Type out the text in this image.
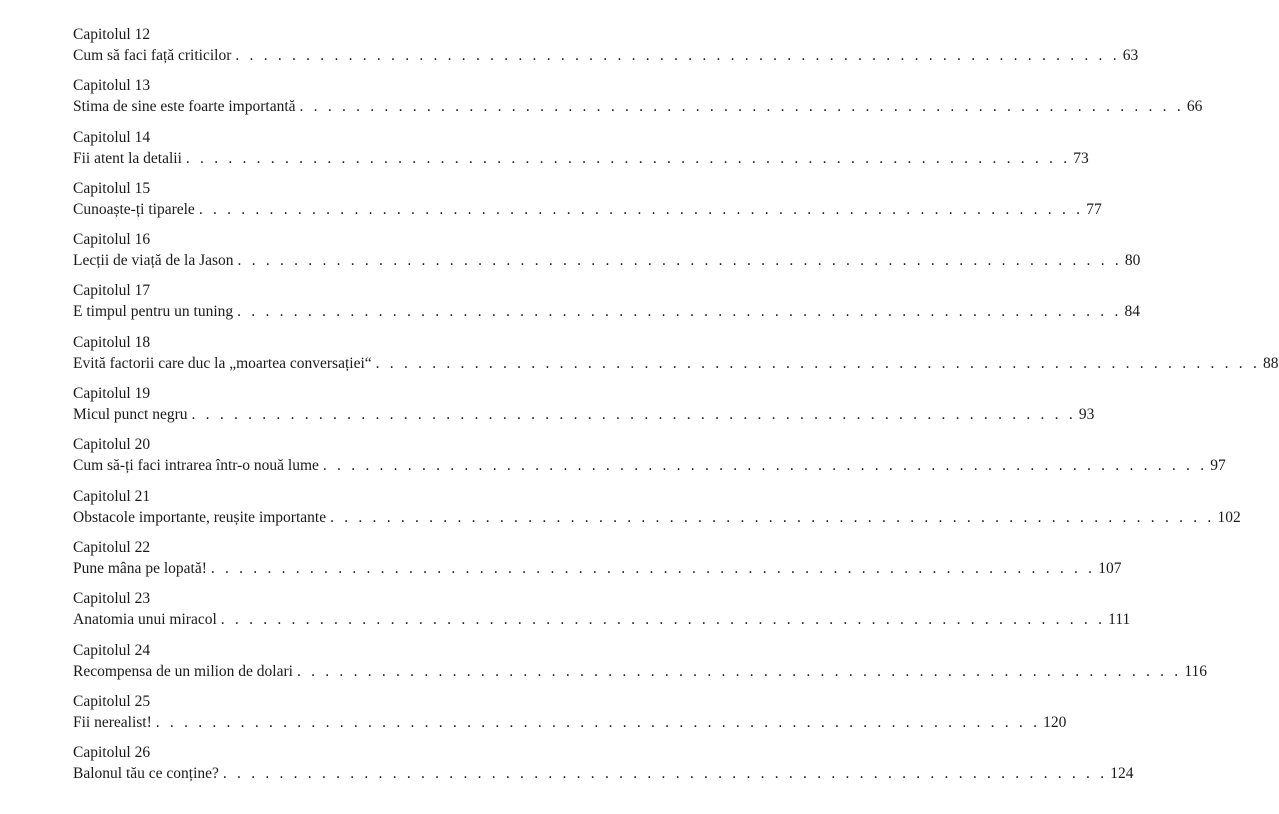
Capitolul 12
Cum să faci față criticilor . . . . . . . . . . . . . . . . . . . . . . . . . . . . . . . . . . . . . . . . . . . . . . . . . . . . . . . . . . . . . . . 63
Capitolul 13
Stima de sine este foarte importantă . . . . . . . . . . . . . . . . . . . . . . . . . . . . . . . . . . . . . . . . . . . . . . . . . . . . . . . . . . . . . . . 66
Capitolul 14
Fii atent la detalii . . . . . . . . . . . . . . . . . . . . . . . . . . . . . . . . . . . . . . . . . . . . . . . . . . . . . . . . . . . . . . . 73
Capitolul 15
Cunoaște-ți tiparele . . . . . . . . . . . . . . . . . . . . . . . . . . . . . . . . . . . . . . . . . . . . . . . . . . . . . . . . . . . . . . . 77
Capitolul 16
Lecții de viață de la Jason . . . . . . . . . . . . . . . . . . . . . . . . . . . . . . . . . . . . . . . . . . . . . . . . . . . . . . . . . . . . . . . 80
Capitolul 17
E timpul pentru un tuning . . . . . . . . . . . . . . . . . . . . . . . . . . . . . . . . . . . . . . . . . . . . . . . . . . . . . . . . . . . . . . . 84
Capitolul 18
Evită factorii care duc la „moartea conversației“ . . . . . . . . . . . . . . . . . . . . . . . . . . . . . . . . . . . . . . . . . . . . . . . . . . . . . . . . . . . . . . . 88
Capitolul 19
Micul punct negru . . . . . . . . . . . . . . . . . . . . . . . . . . . . . . . . . . . . . . . . . . . . . . . . . . . . . . . . . . . . . . . 93
Capitolul 20
Cum să-ți faci intrarea într-o nouă lume . . . . . . . . . . . . . . . . . . . . . . . . . . . . . . . . . . . . . . . . . . . . . . . . . . . . . . . . . . . . . . . 97
Capitolul 21
Obstacole importante, reușite importante . . . . . . . . . . . . . . . . . . . . . . . . . . . . . . . . . . . . . . . . . . . . . . . . . . . . . . . . . . . . . . . 102
Capitolul 22
Pune mâna pe lopată! . . . . . . . . . . . . . . . . . . . . . . . . . . . . . . . . . . . . . . . . . . . . . . . . . . . . . . . . . . . . . . . 107
Capitolul 23
Anatomia unui miracol . . . . . . . . . . . . . . . . . . . . . . . . . . . . . . . . . . . . . . . . . . . . . . . . . . . . . . . . . . . . . . . 111
Capitolul 24
Recompensa de un milion de dolari . . . . . . . . . . . . . . . . . . . . . . . . . . . . . . . . . . . . . . . . . . . . . . . . . . . . . . . . . . . . . . . 116
Capitolul 25
Fii nerealist! . . . . . . . . . . . . . . . . . . . . . . . . . . . . . . . . . . . . . . . . . . . . . . . . . . . . . . . . . . . . . . . 120
Capitolul 26
Balonul tău ce conține? . . . . . . . . . . . . . . . . . . . . . . . . . . . . . . . . . . . . . . . . . . . . . . . . . . . . . . . . . . . . . . . 124
